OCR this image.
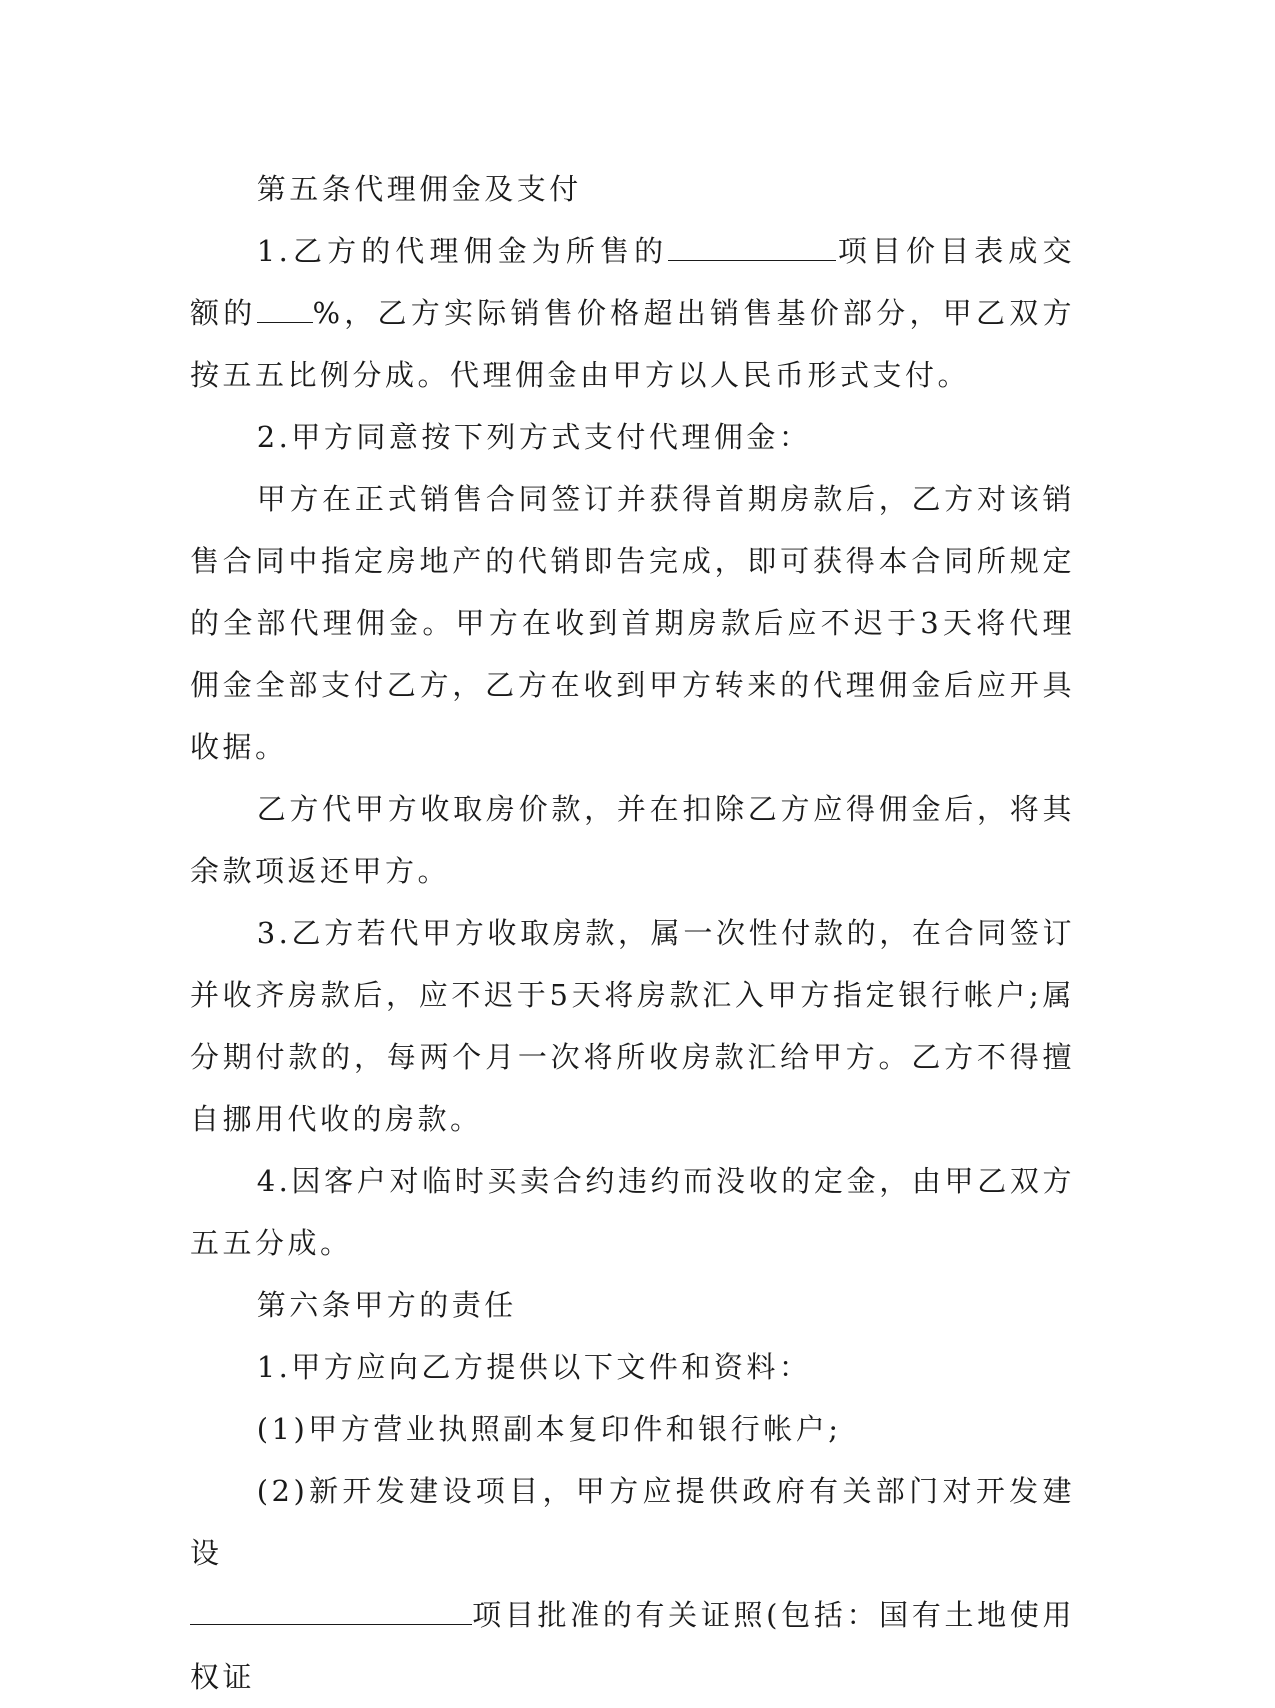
第五条代理佣金及支付

1.乙方的代理佣金为所售的	项目价目表成交额的 %，乙方实际销售价格超出销售基价部分，甲乙双方按五五比例分成。代理佣金由甲方以人民币形式支付。

2.甲方同意按下列方式支付代理佣金：

甲方在正式销售合同签订并获得首期房款后，乙方对该销售合同中指定房地产的代销即告完成，即可获得本合同所规定的全部代理佣金。甲方在收到首期房款后应不迟于3天将代理佣金全部支付乙方，乙方在收到甲方转来的代理佣金后应开具收据。

乙方代甲方收取房价款，并在扣除乙方应得佣金后，将其余款项返还甲方。

3.乙方若代甲方收取房款，属一次性付款的，在合同签订并收齐房款后，应不迟于5天将房款汇入甲方指定银行帐户;属分期付款的，每两个月一次将所收房款汇给甲方。乙方不得擅自挪用代收的房款。

4.因客户对临时买卖合约违约而没收的定金，由甲乙双方五五分成。

第六条甲方的责任

1.甲方应向乙方提供以下文件和资料：

(1)甲方营业执照副本复印件和银行帐户;

(2)新开发建设项目，甲方应提供政府有关部门对开发建设

项目批准的有关证照(包括：国有土地使用权证
